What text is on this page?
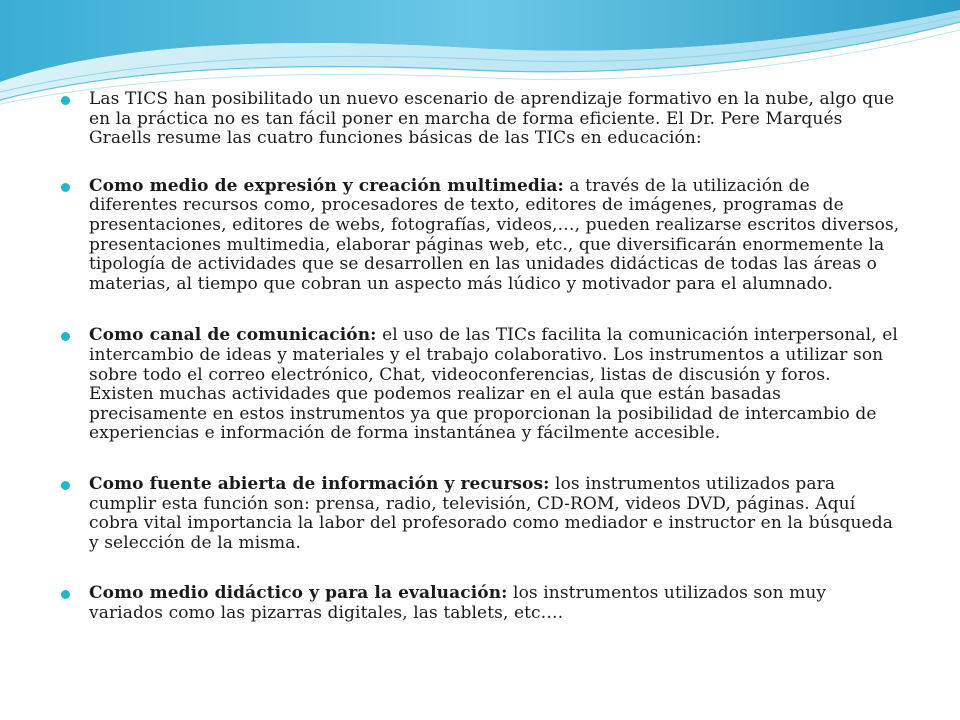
Las TICS han posibilitado un nuevo escenario de aprendizaje formativo en la nube, algo que en la práctica no es tan fácil poner en marcha de forma eficiente. El Dr. Pere Marqués Graells resume las cuatro funciones básicas de las TICs en educación:
Como medio de expresión y creación multimedia: a través de la utilización de diferentes recursos como, procesadores de texto, editores de imágenes, programas de presentaciones, editores de webs, fotografías, videos,…, pueden realizarse escritos diversos, presentaciones multimedia, elaborar páginas web, etc., que diversificarán enormemente la tipología de actividades que se desarrollen en las unidades didácticas de todas las áreas o materias, al tiempo que cobran un aspecto más lúdico y motivador para el alumnado.
Como canal de comunicación: el uso de las TICs facilita la comunicación interpersonal, el intercambio de ideas y materiales y el trabajo colaborativo. Los instrumentos a utilizar son sobre todo el correo electrónico, Chat, videoconferencias, listas de discusión y foros. Existen muchas actividades que podemos realizar en el aula que están basadas precisamente en estos instrumentos ya que proporcionan la posibilidad de intercambio de experiencias e información de forma instantánea y fácilmente accesible.
Como fuente abierta de información y recursos: los instrumentos utilizados para cumplir esta función son: prensa, radio, televisión, CD-ROM, videos DVD, páginas. Aquí cobra vital importancia la labor del profesorado como mediador e instructor en la búsqueda y selección de la misma.
Como medio didáctico y para la evaluación: los instrumentos utilizados son muy variados como las pizarras digitales, las tablets, etc….
